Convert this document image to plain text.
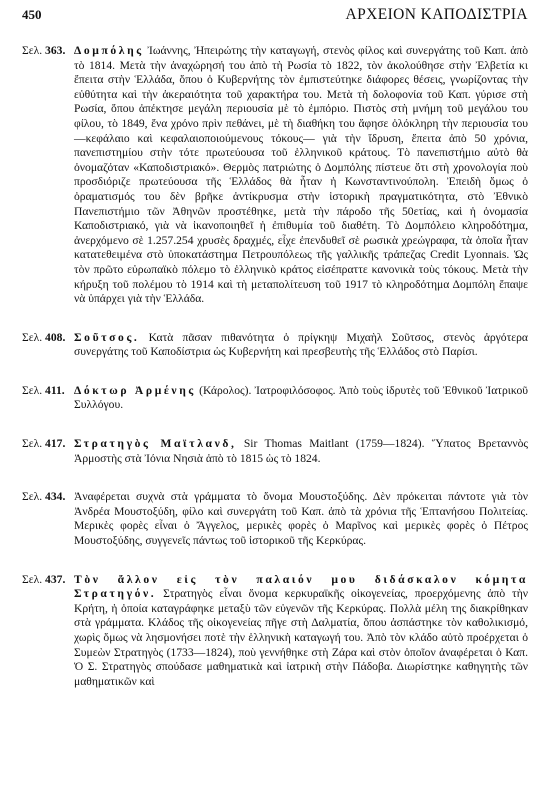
450	ΑΡΧΕΙΟΝ ΚΑΠΟΔΙΣΤΡΙΑ
Σελ. 363. Δομπόλης Ἰωάννης, Ἠπειρώτης τὴν καταγωγή, στενὸς φίλος καὶ συνεργάτης τοῦ Καπ. ἀπὸ τὸ 1814. Μετὰ τὴν ἀναχώρησή του ἀπὸ τὴ Ρωσία τὸ 1822, τὸν ἀκολούθησε στὴν Ἐλβετία κι ἔπειτα στὴν Ἑλλάδα, ὅπου ὁ Κυβερνήτης τὸν ἐμπιστεύτηκε διάφορες θέσεις, γνωρίζοντας τὴν εὐθύτητα καὶ τὴν ἀκεραιότητα τοῦ χαρακτήρα του. Μετὰ τὴ δολοφονία τοῦ Καπ. γύρισε στὴ Ρωσία, ὅπου ἀπέκτησε μεγάλη περιουσία μὲ τὸ ἐμπόριο. Πιστὸς στὴ μνήμη τοῦ μεγάλου του φίλου, τὸ 1849, ἕνα χρόνο πρὶν πεθάνει, μὲ τὴ διαθήκη του ἄφησε ὁλόκληρη τὴν περιουσία του —κεφάλαιο καὶ κεφαλαιοποιούμενους τόκους— γιὰ τὴν ἵδρυση, ἔπειτα ἀπὸ 50 χρόνια, πανεπιστημίου στὴν τότε πρωτεύουσα τοῦ ἑλληνικοῦ κράτους. Τὸ πανεπιστήμιο αὐτὸ θὰ ὀνομαζόταν «Καποδιστριακό». Θερμὸς πατριώτης ὁ Δομπόλης πίστευε ὅτι στὴ χρονολογία ποὺ προσδιόριζε πρωτεύουσα τῆς Ἑλλάδος θὰ ἦταν ἡ Κωνσταντινούπολη. Ἐπειδὴ ὅμως ὁ ὁραματισμός του δὲν βρῆκε ἀντίκρυσμα στὴν ἱστορικὴ πραγματικότητα, στὸ Ἐθνικὸ Πανεπιστήμιο τῶν Ἀθηνῶν προστέθηκε, μετὰ τὴν πάροδο τῆς 50ετίας, καὶ ἡ ὀνομασία Καποδιστριακό, γιὰ νὰ ἱκανοποιηθεῖ ἡ ἐπιθυμία τοῦ διαθέτη. Τὸ Δομπόλειο κληροδότημα, ἀνερχόμενο σὲ 1.257.254 χρυσὲς δραχμές, εἶχε ἐπενδυθεῖ σὲ ρωσικὰ χρεώγραφα, τὰ ὁποῖα ἦταν κατατεθειμένα στὸ ὑποκατάστημα Πετρουπόλεως τῆς γαλλικῆς τράπεζας Credit Lyonnais. Ὡς τὸν πρῶτο εὐρωπαϊκὸ πόλεμο τὸ ἑλληνικὸ κράτος εἰσέπραττε κανονικὰ τοὺς τόκους. Μετὰ τὴν κήρυξη τοῦ πολέμου τὸ 1914 καὶ τὴ μεταπολίτευση τοῦ 1917 τὸ κληροδότημα Δομπόλη ἔπαψε νὰ ὑπάρχει γιὰ τὴν Ἑλλάδα.
Σελ. 408. Σοῦτσος. Κατὰ πᾶσαν πιθανότητα ὁ πρίγκηψ Μιχαὴλ Σοῦτσος, στενὸς ἀργότερα συνεργάτης τοῦ Καποδίστρια ὡς Κυβερνήτη καὶ πρεσβευτὴς τῆς Ἑλλάδος στὸ Παρίσι.
Σελ. 411. Δόκτωρ Ἀρμένης (Κάρολος). Ἰατροφιλόσοφος. Ἀπὸ τοὺς ἱδρυτὲς τοῦ Ἐθνικοῦ Ἰατρικοῦ Συλλόγου.
Σελ. 417. Στρατηγὸς Μαϊτλανδ, Sir Thomas Maitlant (1759—1824). Ὕπατος Βρεταννὸς Ἁρμοστὴς στὰ Ἰόνια Νησιὰ ἀπὸ τὸ 1815 ὡς τὸ 1824.
Σελ. 434. Ἀναφέρεται συχνὰ στὰ γράμματα τὸ ὄνομα Μουστοξύδης. Δὲν πρόκειται πάντοτε γιὰ τὸν Ἀνδρέα Μουστοξύδη, φίλο καὶ συνεργάτη τοῦ Καπ. ἀπὸ τὰ χρόνια τῆς Ἑπτανήσου Πολιτείας. Μερικὲς φορὲς εἶναι ὁ Ἄγγελος, μερικὲς φορὲς ὁ Μαρῖνος καὶ μερικὲς φορὲς ὁ Πέτρος Μουστοξύδης, συγγενεῖς πάντως τοῦ ἱστορικοῦ τῆς Κερκύρας.
Σελ. 437. Τὸν ἄλλον εἰς τὸν παλαιόν μου διδάσκαλον κόμητα Στρατηγόν. Στρατηγὸς εἶναι ὄνομα κερκυραϊκῆς οἰκογενείας, προερχόμενης ἀπὸ τὴν Κρήτη, ἡ ὁποία καταγράφηκε μεταξὺ τῶν εὐγενῶν τῆς Κερκύρας. Πολλὰ μέλη της διακρίθηκαν στὰ γράμματα. Κλάδος τῆς οἰκογενείας πῆγε στὴ Δαλματία, ὅπου ἀσπάστηκε τὸν καθολικισμό, χωρὶς ὅμως νὰ λησμονήσει ποτὲ τὴν ἑλληνικὴ καταγωγή του. Ἀπὸ τὸν κλάδο αὐτὸ προέρχεται ὁ Συμεὼν Στρατηγὸς (1733—1824), ποὺ γεννήθηκε στὴ Ζάρα καὶ στὸν ὁποῖον ἀναφέρεται ὁ Καπ. Ὁ Σ. Στρατηγὸς σπούδασε μαθηματικὰ καὶ ἰατρικὴ στὴν Πάδοβα. Διωρίστηκε καθηγητὴς τῶν μαθηματικῶν καὶ
